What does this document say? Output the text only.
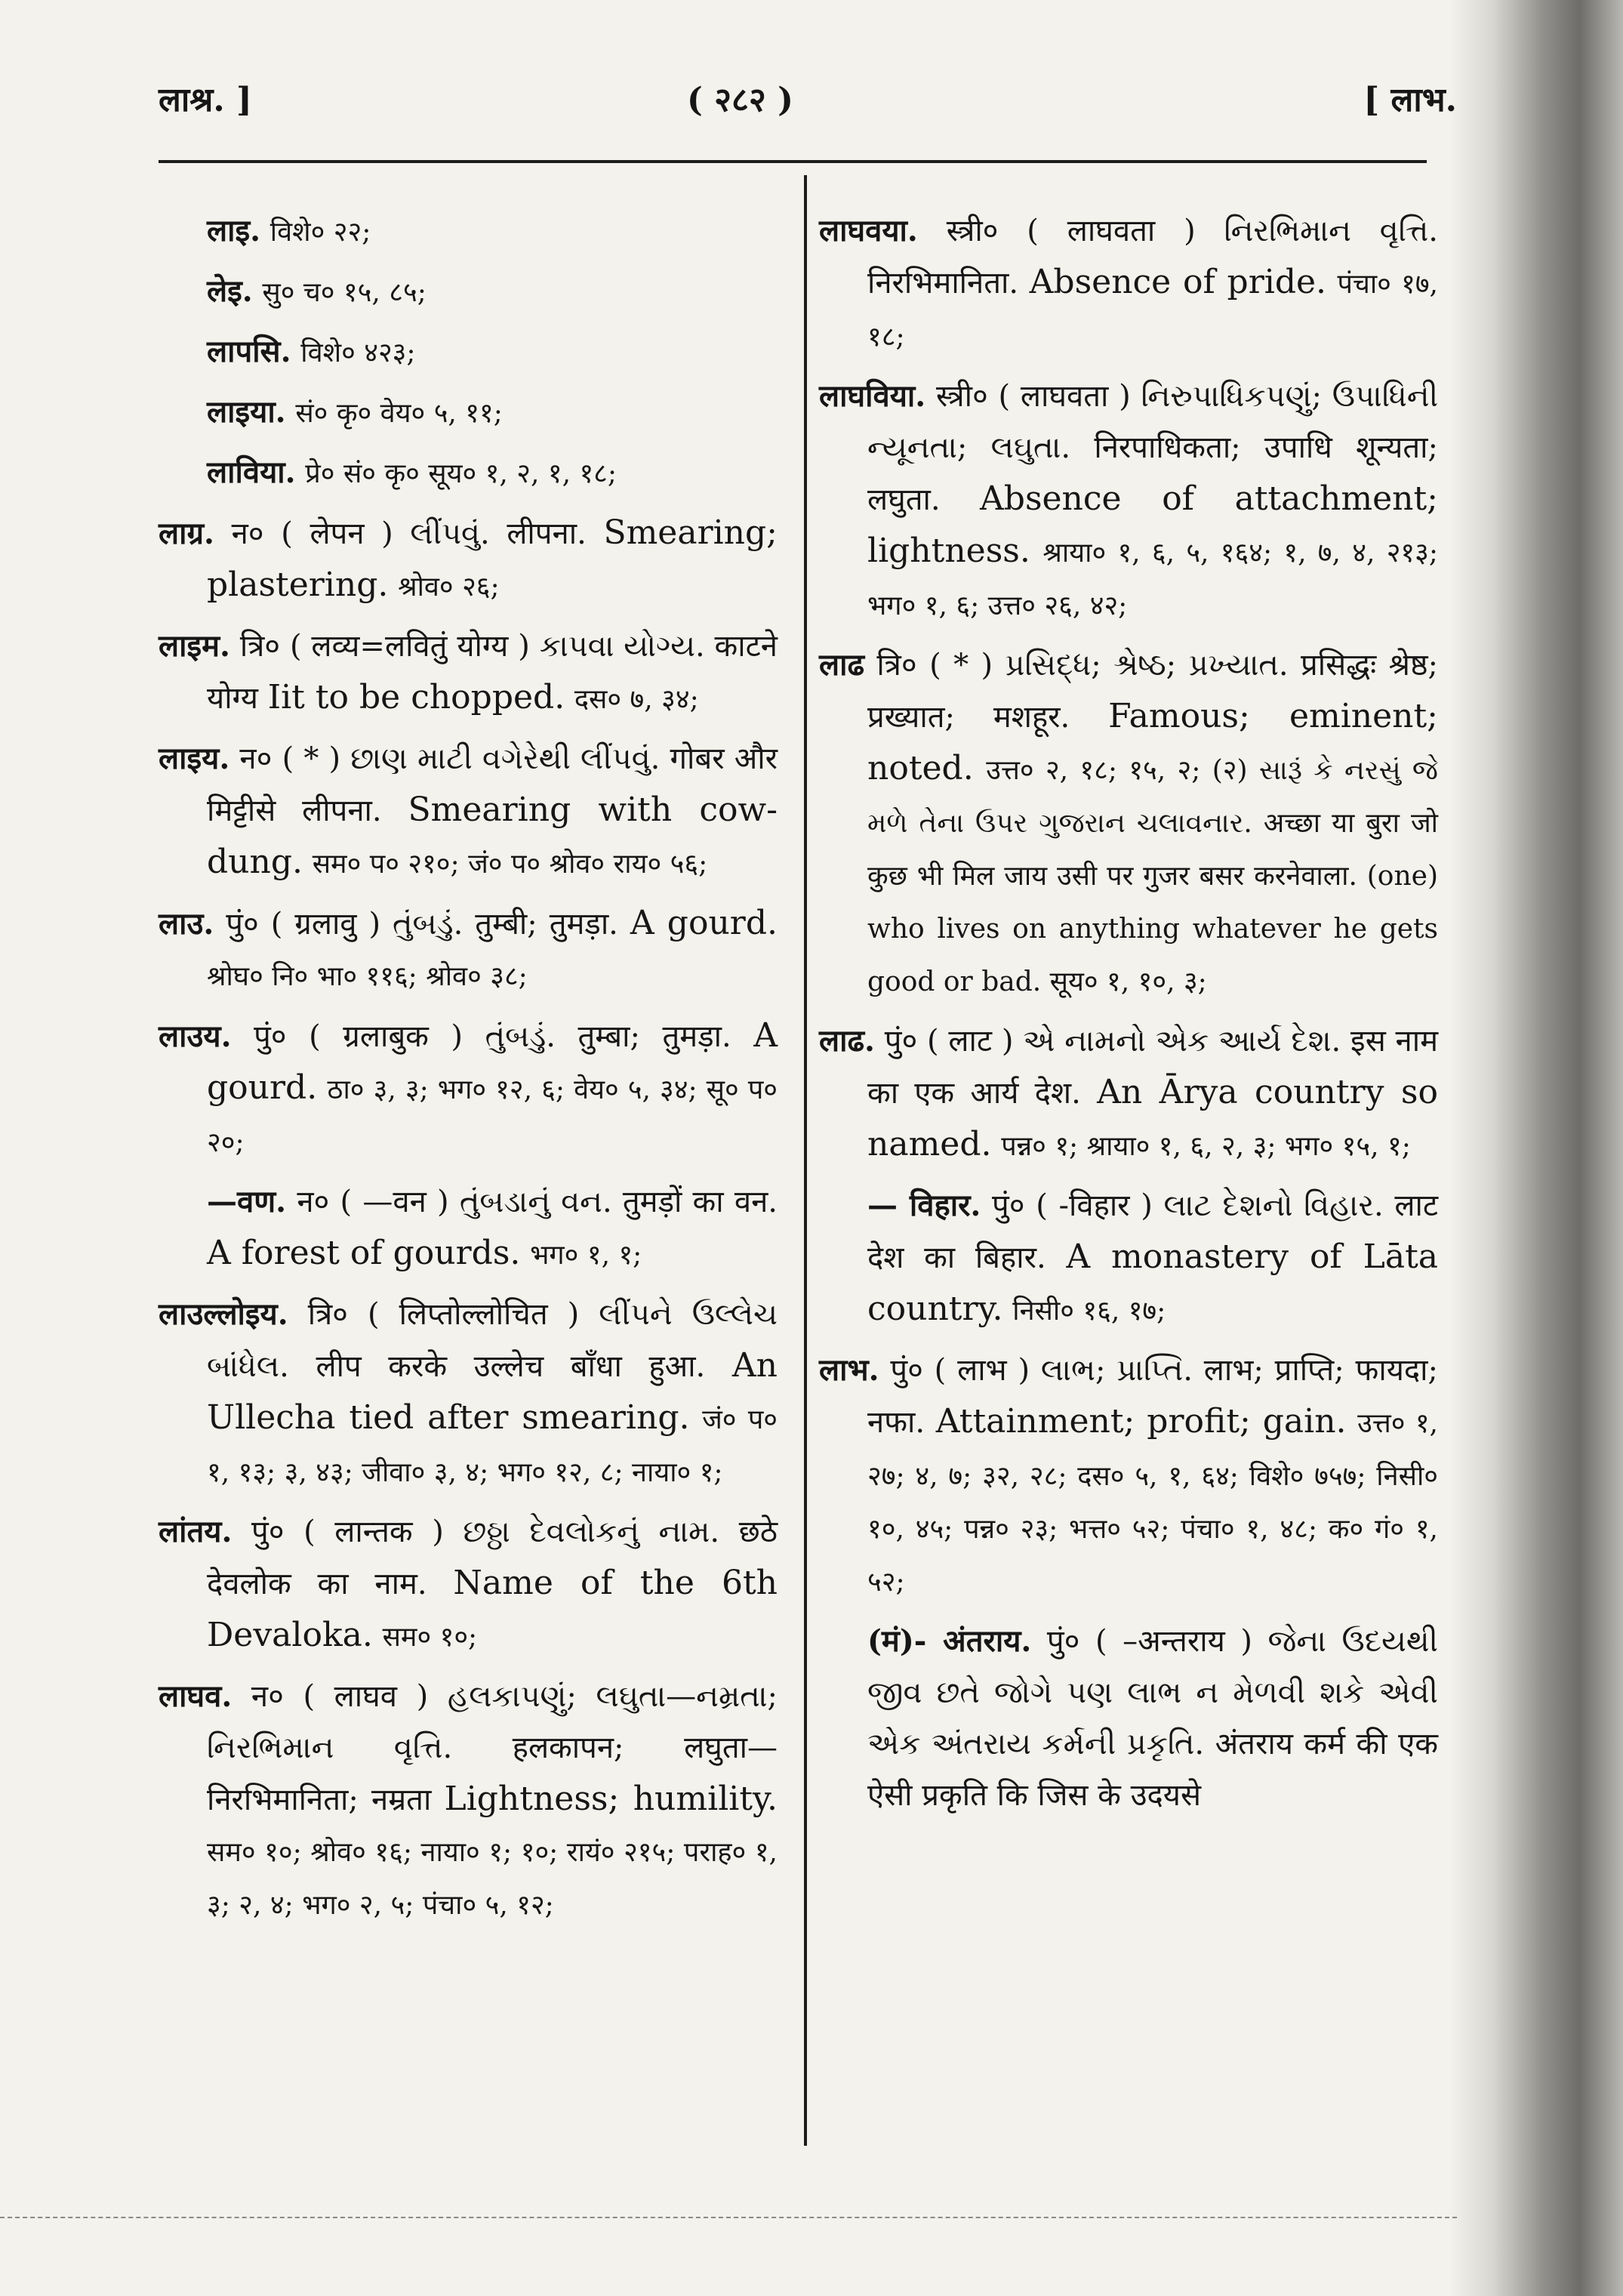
लाश्र. ]	( २८२ )	[ लाभ.

लाइ. विशे० २२;

लेइ. सु० च० १५, ८५;

लापसि. विशे० ४२३;

लाइया. सं० कृ० वेय० ५, ११;

लाविया. प्रे० सं० कृ० सूय० १, २, १, १८;

लाग्र. न० ( लेपन ) લીંપવું. लीपना. Smearing; plastering. श्रोव० २६;

लाइम. त्रि० ( लव्य=लवितुं योग्य ) કાપવા યોગ્ય. काटने योग्य Iit to be chopped. दस० ७, ३४;

लाइय. न० ( * ) છાણ માટી વગેરેથી લીંપવું. गोबर और मिट्टीसे लीपना. Smearing with cow-dung. सम० प० २१०; जं० प० श्रोव० राय० ५६;

लाउ. पुं० ( ग्रलावु ) તુંબડું. तुम्बी; तुमड़ा. A gourd. श्रोघ० नि० भा० ११६; श्रोव० ३८;

लाउय. पुं० ( ग्रलाबुक ) તુંબડું. तुम्बा; तुमड़ा. A gourd. ठा० ३, ३; भग० १२, ६; वेय० ५, ३४; सू० प० २०;

—वण. न० ( —वन ) તુંબડાનું વન. तुमड़ों का वन. A forest of gourds. भग० १, १;

लाउल्लोइय. त्रि० ( लिप्तोल्लोचित ) લીંપને ઉલ્લેચ બાંધેલ. लीप करके उल्लेच बाँधा हुआ. An Ullecha tied after smearing. जं० प० १, १३; ३, ४३; जीवा० ३, ४; भग० १२, ८; नाया० १;

लांतय. पुं० ( लान्तक ) છઠ્ઠા દેવલોકનું નામ. छठे देवलोक का नाम. Name of the 6th Devaloka. सम० १०;

लाघव. न० ( लाघव ) હલકાપણું; લઘુતા—નમ્રતા; નિરભિમાન વૃત્તિ. हलकापन; लघुता—निरभिमानिता; नम्रता Lightness; humility. सम० १०; श्रोव० १६; नाया० १; १०; रायं० २१५; पराह० १, ३; २, ४; भग० २, ५; पंचा० ५, १२;

लाघवया. स्त्री० ( लाघवता ) નિરભિમાન વૃત્તિ. निरभिमानिता. Absence of pride. पंचा० १७, १८;

लाघविया. स्त्री० ( लाघवता ) નિરુપાધિકપણું; ઉપાધિની ન્યૂનતા; લઘુતા. निरपाधिकता; उपाधि शून्यता; लघुता. Absence of attachment; lightness. श्राया० १, ६, ५, १६४; १, ७, ४, २१३; भग० १, ६; उत्त० २६, ४२;

लाढ त्रि० ( * ) પ્રસિદ્ધ; શ્રેષ્ઠ; પ્રખ્યાત. प्रसिद्धः श्रेष्ठ; प्रख्यात; मशहूर. Famous; eminent; noted. उत्त० २, १८; १५, २; (२) સારૂં કે નરસું જે મળે તેના ઉપર ગુજરાન ચલાવનાર. अच्छा या बुरा जो कुछ भी मिल जाय उसी पर गुजर बसर करनेवाला. (one) who lives on anything whatever he gets good or bad. सूय० १, १०, ३;

लाढ. पुं० ( लाट ) એ નામનો એક આર્ય દેશ. इस नाम का एक आर्य देश. An Ārya country so named. पन्न० १; श्राया० १, ६, २, ३; भग० १५, १;

— विहार. पुं० ( -विहार ) લાટ દેશનો વિહાર. लाट देश का बिहार. A monastery of Lāta country. निसी० १६, १७;

लाभ. पुं० ( लाभ ) લાભ; પ્રાપ્તિ. लाभ; प्राप्ति; फायदा; नफा. Attainment; profit; gain. उत्त० १, २७; ४, ७; ३२, २८; दस० ५, १, ६४; विशे० ७५७; निसी० १०, ४५; पन्न० २३; भत्त० ५२; पंचा० १, ४८; क० गं० १, ५२;

(मं)- अंतराय. पुं० ( –अन्तराय ) જેના ઉદયથી જીવ છતે જોગે પણ લાભ ન મેળવી શકે એવી એક અંતરાય કર્મની પ્રકૃતિ. अंतराय कर्म की एक ऐसी प्रकृति कि जिस के उदयसे
